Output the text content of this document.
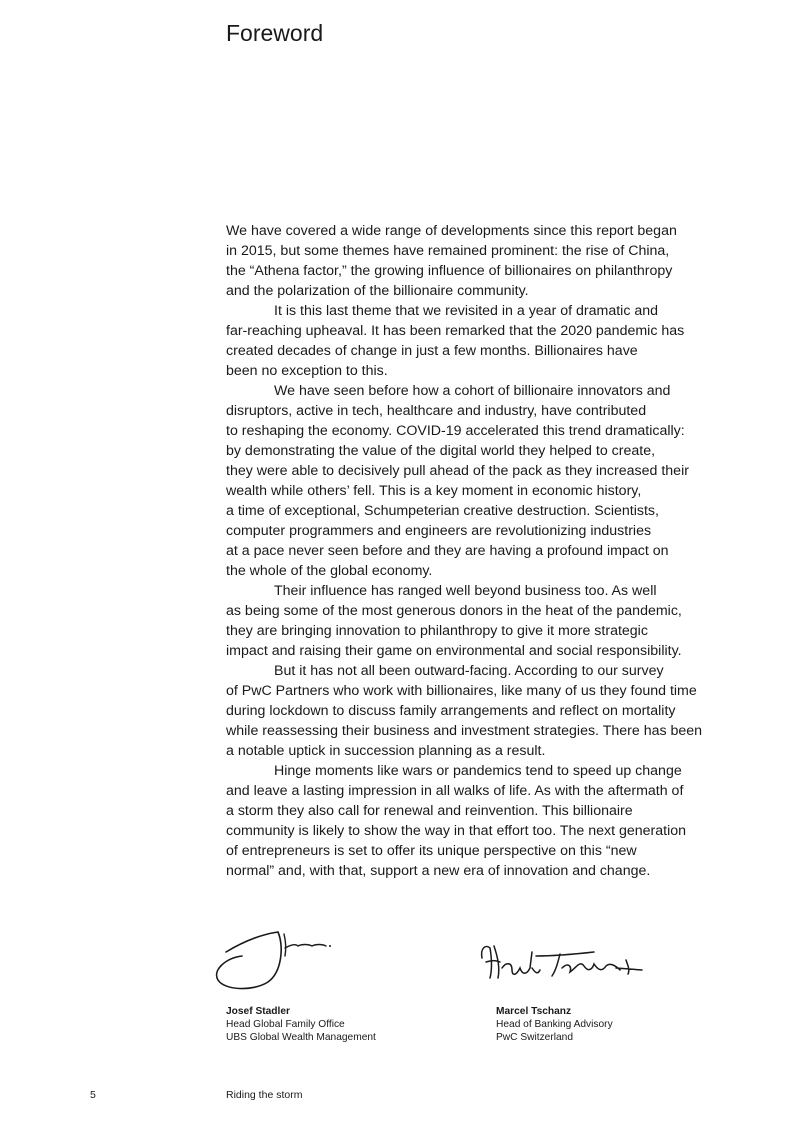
Foreword

We have covered a wide range of developments since this report began
in 2015, but some themes have remained prominent: the rise of China,
the “Athena factor,” the growing influence of billionaires on philanthropy
and the polarization of the billionaire community.

It is this last theme that we revisited in a year of dramatic and
far-reaching upheaval. It has been remarked that the 2020 pandemic has
created decades of change in just a few months. Billionaires have
been no exception to this.

We have seen before how a cohort of billionaire innovators and
disruptors, active in tech, healthcare and industry, have contributed
to reshaping the economy. COVID-19 accelerated this trend dramatically:
by demonstrating the value of the digital world they helped to create,
they were able to decisively pull ahead of the pack as they increased their
wealth while others’ fell. This is a key moment in economic history,
a time of exceptional, Schumpeterian creative destruction. Scientists,
computer programmers and engineers are revolutionizing industries
at a pace never seen before and they are having a profound impact on
the whole of the global economy.

Their influence has ranged well beyond business too. As well
as being some of the most generous donors in the heat of the pandemic,
they are bringing innovation to philanthropy to give it more strategic
impact and raising their game on environmental and social responsibility.

But it has not all been outward-facing. According to our survey
of PwC Partners who work with billionaires, like many of us they found time
during lockdown to discuss family arrangements and reflect on mortality
while reassessing their business and investment strategies. There has been
a notable uptick in succession planning as a result.

Hinge moments like wars or pandemics tend to speed up change
and leave a lasting impression in all walks of life. As with the aftermath of
a storm they also call for renewal and reinvention. This billionaire
community is likely to show the way in that effort too. The next generation
of entrepreneurs is set to offer its unique perspective on this “new
normal” and, with that, support a new era of innovation and change.

Josef Stadler
Head Global Family Office
UBS Global Wealth Management
Marcel Tschanz
Head of Banking Advisory
PwC Switzerland
5	Riding the storm
